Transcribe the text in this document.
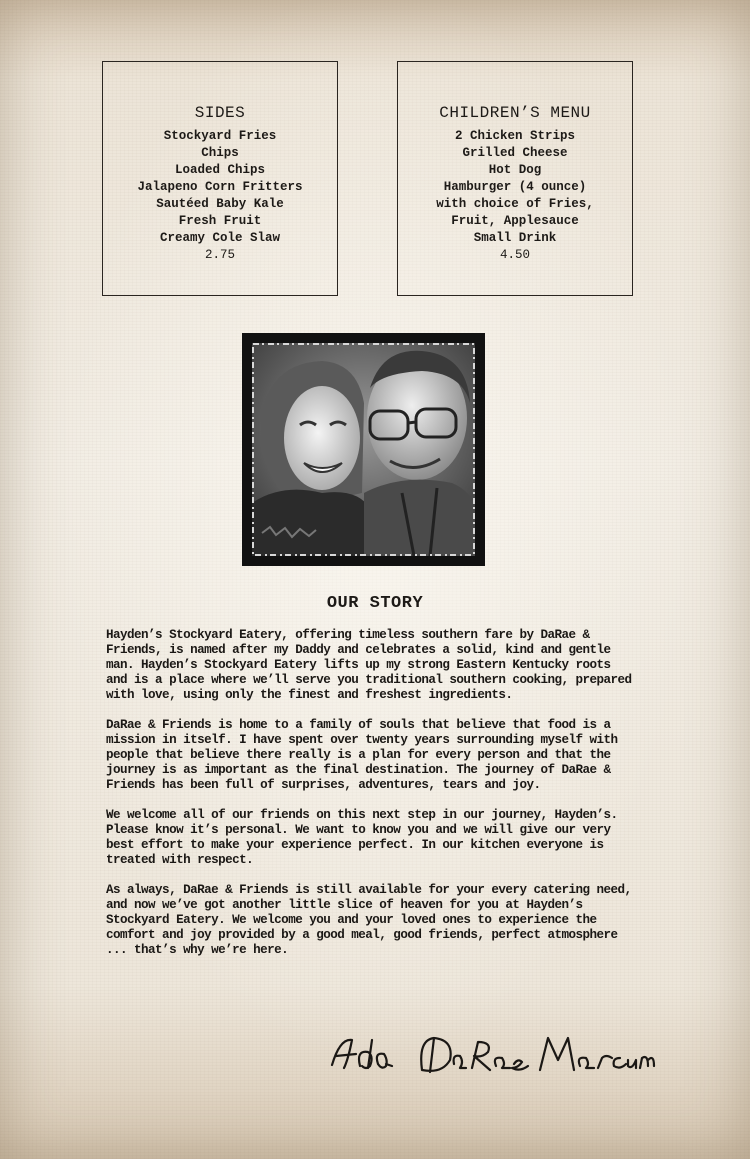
SIDES
Stockyard Fries
Chips
Loaded Chips
Jalapeno Corn Fritters
Sautéed Baby Kale
Fresh Fruit
Creamy Cole Slaw
2.75
CHILDREN’S MENU
2 Chicken Strips
Grilled Cheese
Hot Dog
Hamburger (4 ounce)
with choice of Fries,
Fruit, Applesauce
Small Drink
4.50
OUR STORY

Hayden’s Stockyard Eatery, offering timeless southern fare by DaRae & Friends, is named after my Daddy and celebrates a solid, kind and gentle man. Hayden’s Stockyard Eatery lifts up my strong Eastern Kentucky roots and is a place where we’ll serve you traditional southern cooking, prepared with love, using only the finest and freshest ingredients.

DaRae & Friends is home to a family of souls that believe that food is a mission in itself. I have spent over twenty years surrounding myself with people that believe there really is a plan for every person and that the journey is as important as the final destination. The journey of DaRae & Friends has been full of surprises, adventures, tears and joy.

We welcome all of our friends on this next step in our journey, Hayden’s. Please know it’s personal. We want to know you and we will give our very best effort to make your experience perfect. In our kitchen everyone is treated with respect.

As always, DaRae & Friends is still available for your every catering need, and now we’ve got another little slice of heaven for you at Hayden’s Stockyard Eatery. We welcome you and your loved ones to experience the comfort and joy provided by a good meal, good friends, perfect atmosphere ... that’s why we’re here.
